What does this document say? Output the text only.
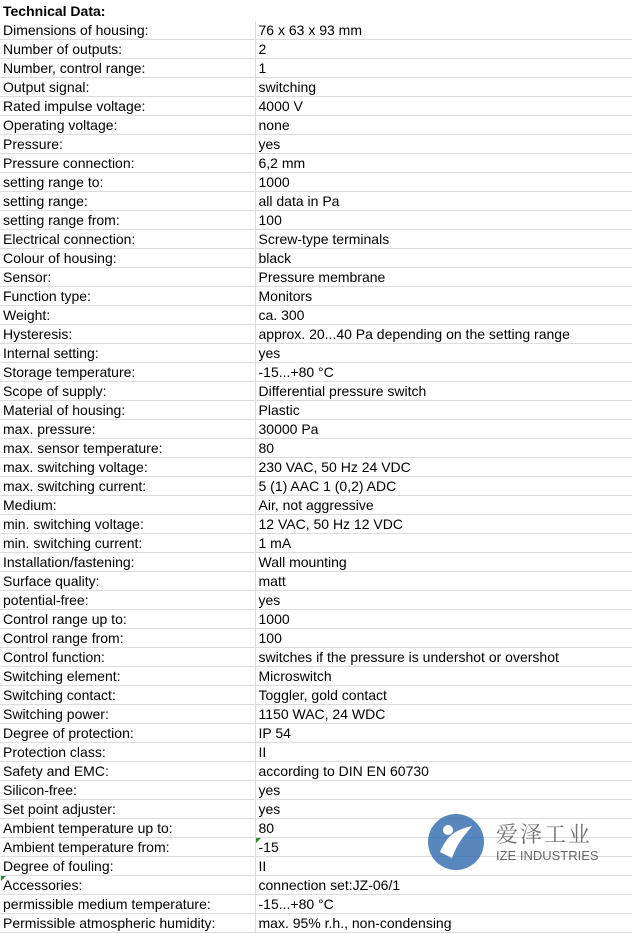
Technical Data:
Dimensions of housing:	76 x 63 x 93 mm
Number of outputs:	2
Number, control range:	1
Output signal:	switching
Rated impulse voltage:	4000 V
Operating voltage:	none
Pressure:	yes
Pressure connection:	6,2 mm
setting range to:	1000
setting range:	all data in Pa
setting range from:	100
Electrical connection:	Screw-type terminals
Colour of housing:	black
Sensor:	Pressure membrane
Function type:	Monitors
Weight:	ca. 300
Hysteresis:	approx. 20...40 Pa depending on the setting range
Internal setting:	yes
Storage temperature:	-15...+80 °C
Scope of supply:	Differential pressure switch
Material of housing:	Plastic
max. pressure:	30000 Pa
max. sensor temperature:	80
max. switching voltage:	230 VAC, 50 Hz 24 VDC
max. switching current:	5 (1) AAC 1 (0,2) ADC
Medium:	Air, not aggressive
min. switching voltage:	12 VAC, 50 Hz 12 VDC
min. switching current:	1 mA
Installation/fastening:	Wall mounting
Surface quality:	matt
potential-free:	yes
Control range up to:	1000
Control range from:	100
Control function:	switches if the pressure is undershot or overshot
Switching element:	Microswitch
Switching contact:	Toggler, gold contact
Switching power:	1150 WAC, 24 WDC
Degree of protection:	IP 54
Protection class:	II
Safety and EMC:	according to DIN EN 60730
Silicon-free:	yes
Set point adjuster:	yes
Ambient temperature up to:	80
Ambient temperature from:	-15
Degree of fouling:	II
Accessories:	connection set:JZ-06/1
permissible medium temperature:	-15...+80 °C
Permissible atmospheric humidity:	max. 95% r.h., non-condensing
爱泽工业
IZE INDUSTRIES
